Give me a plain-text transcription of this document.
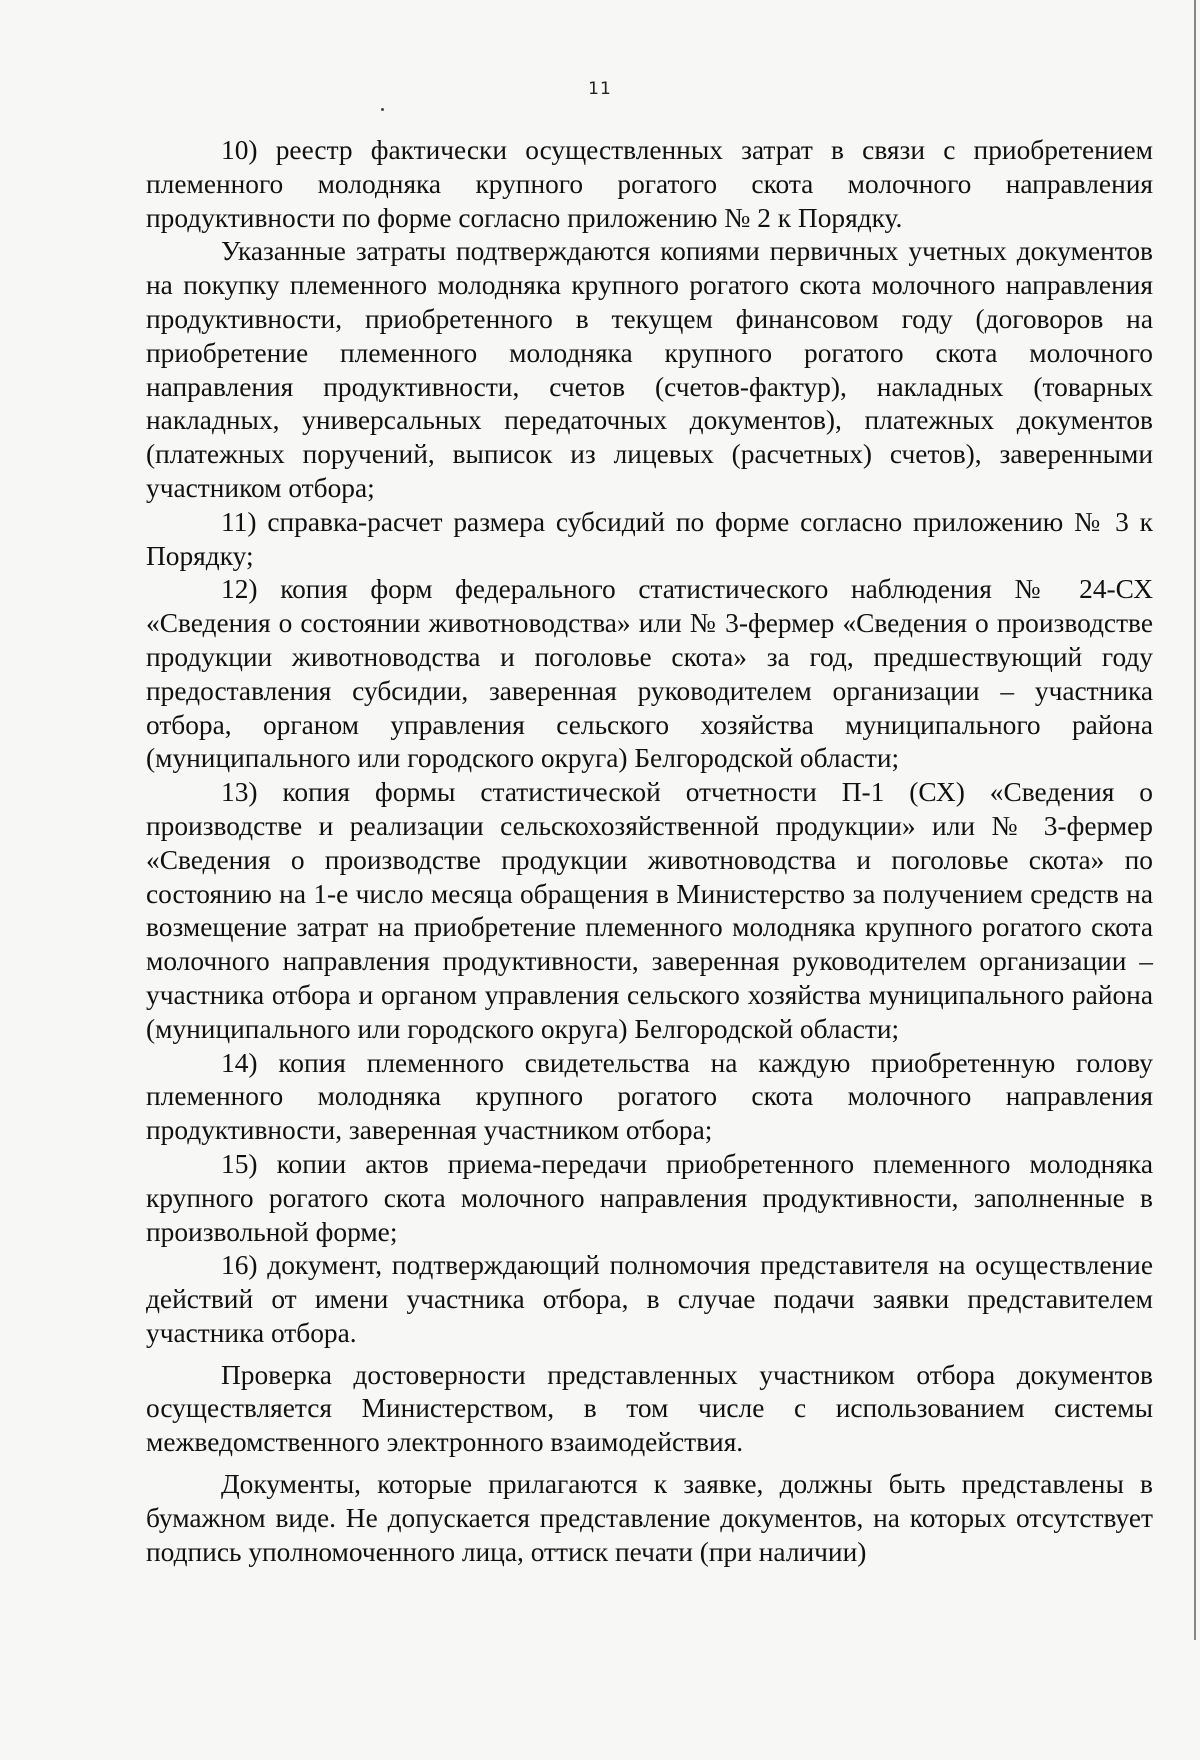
11

10) реестр фактически осуществленных затрат в связи с приобретением племенного молодняка крупного рогатого скота молочного направления продуктивности по форме согласно приложению № 2 к Порядку.

Указанные затраты подтверждаются копиями первичных учетных документов на покупку племенного молодняка крупного рогатого скота молочного направления продуктивности, приобретенного в текущем финансовом году (договоров на приобретение племенного молодняка крупного рогатого скота молочного направления продуктивности, счетов (счетов-фактур), накладных (товарных накладных, универсальных передаточных документов), платежных документов (платежных поручений, выписок из лицевых (расчетных) счетов), заверенными участником отбора;

11) справка-расчет размера субсидий по форме согласно приложению № 3 к Порядку;

12) копия форм федерального статистического наблюдения № 24-СХ «Сведения о состоянии животноводства» или № 3-фермер «Сведения о производстве продукции животноводства и поголовье скота» за год, предшествующий году предоставления субсидии, заверенная руководителем организации – участника отбора, органом управления сельского хозяйства муниципального района (муниципального или городского округа) Белгородской области;

13) копия формы статистической отчетности П-1 (СХ) «Сведения о производстве и реализации сельскохозяйственной продукции» или № 3-фермер «Сведения о производстве продукции животноводства и поголовье скота» по состоянию на 1-е число месяца обращения в Министерство за получением средств на возмещение затрат на приобретение племенного молодняка крупного рогатого скота молочного направления продуктивности, заверенная руководителем организации – участника отбора и органом управления сельского хозяйства муниципального района (муниципального или городского округа) Белгородской области;

14) копия племенного свидетельства на каждую приобретенную голову племенного молодняка крупного рогатого скота молочного направления продуктивности, заверенная участником отбора;

15) копии актов приема-передачи приобретенного племенного молодняка крупного рогатого скота молочного направления продуктивности, заполненные в произвольной форме;

16) документ, подтверждающий полномочия представителя на осуществление действий от имени участника отбора, в случае подачи заявки представителем участника отбора.

Проверка достоверности представленных участником отбора документов осуществляется Министерством, в том числе с использованием системы межведомственного электронного взаимодействия.

Документы, которые прилагаются к заявке, должны быть представлены в бумажном виде. Не допускается представление документов, на которых отсутствует подпись уполномоченного лица, оттиск печати (при наличии)
